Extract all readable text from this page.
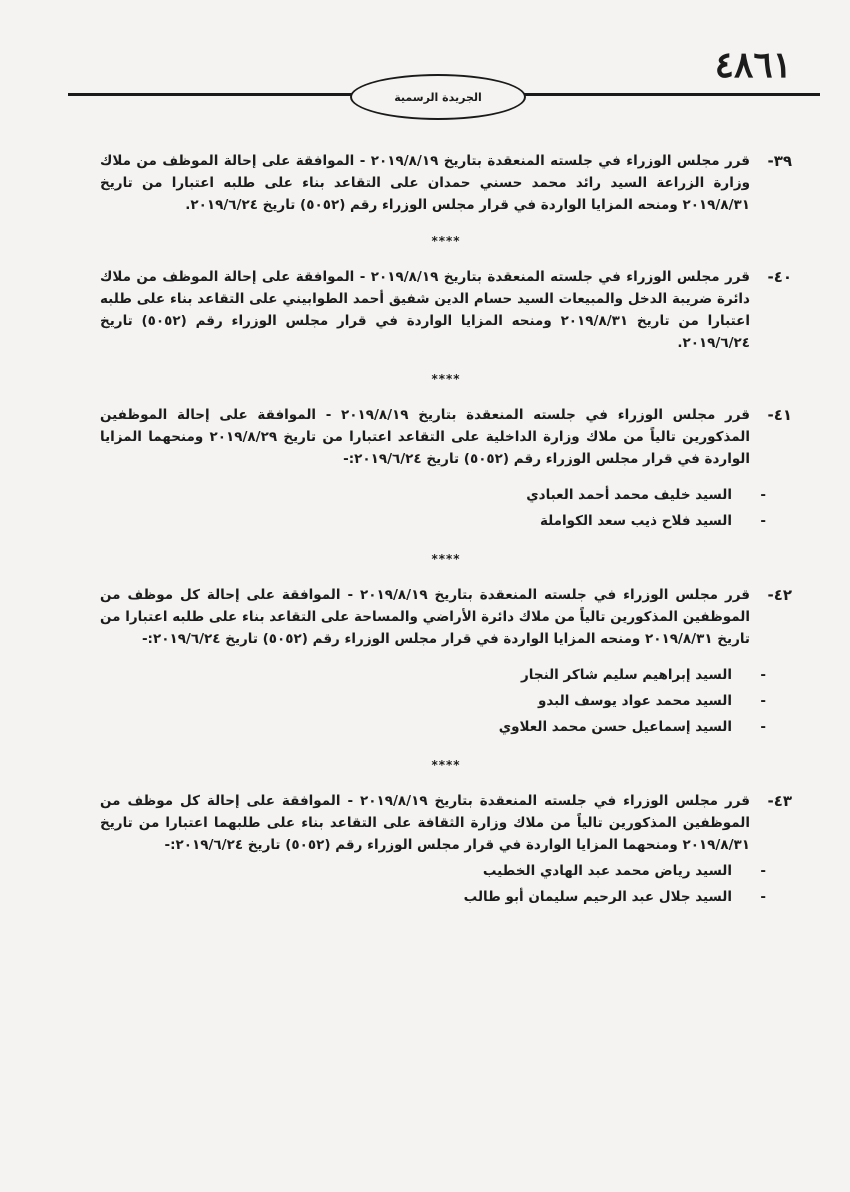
٤٨٦١
الجريدة الرسمية
٣٩-
قرر مجلس الوزراء في جلسته المنعقدة بتاريخ ٢٠١٩/٨/١٩ - الموافقة على إحالة الموظف من ملاك وزارة الزراعة السيد رائد محمد حسني حمدان على التقاعد بناء على طلبه اعتبارا من تاريخ ٢٠١٩/٨/٣١ ومنحه المزايا الواردة في قرار مجلس الوزراء رقم (٥٠٥٢) تاريخ ٢٠١٩/٦/٢٤.
****
٤٠-
قرر مجلس الوزراء في جلسته المنعقدة بتاريخ ٢٠١٩/٨/١٩ - الموافقة على إحالة الموظف من ملاك دائرة ضريبة الدخل والمبيعات السيد حسام الدين شفيق أحمد الطوابيني على التقاعد بناء على طلبه اعتبارا من تاريخ ٢٠١٩/٨/٣١ ومنحه المزايا الواردة في قرار مجلس الوزراء رقم (٥٠٥٢) تاريخ ٢٠١٩/٦/٢٤.
****
٤١-
قرر مجلس الوزراء في جلسته المنعقدة بتاريخ ٢٠١٩/٨/١٩ - الموافقة على إحالة الموظفين المذكورين تالياً من ملاك وزارة الداخلية على التقاعد اعتبارا من تاريخ ٢٠١٩/٨/٢٩ ومنحهما المزايا الواردة في قرار مجلس الوزراء رقم (٥٠٥٢) تاريخ ٢٠١٩/٦/٢٤:-
-
السيد خليف محمد أحمد العبادي
-
السيد فلاح ذيب سعد الكواملة
****
٤٢-
قرر مجلس الوزراء في جلسته المنعقدة بتاريخ ٢٠١٩/٨/١٩ - الموافقة على إحالة كل موظف من الموظفين المذكورين تالياً من ملاك دائرة الأراضي والمساحة على التقاعد بناء على طلبه اعتبارا من تاريخ ٢٠١٩/٨/٣١ ومنحه المزايا الواردة في قرار مجلس الوزراء رقم (٥٠٥٢) تاريخ ٢٠١٩/٦/٢٤:-
-
السيد إبراهيم سليم شاكر النجار
-
السيد محمد عواد يوسف البدو
-
السيد إسماعيل حسن محمد العلاوي
****
٤٣-
قرر مجلس الوزراء في جلسته المنعقدة بتاريخ ٢٠١٩/٨/١٩ - الموافقة على إحالة كل موظف من الموظفين المذكورين تالياً من ملاك وزارة الثقافة على التقاعد بناء على طلبهما اعتبارا من تاريخ ٢٠١٩/٨/٣١ ومنحهما المزايا الواردة في قرار مجلس الوزراء رقم (٥٠٥٢) تاريخ ٢٠١٩/٦/٢٤:-
-
السيد رياض محمد عبد الهادي الخطيب
-
السيد جلال عبد الرحيم سليمان أبو طالب
